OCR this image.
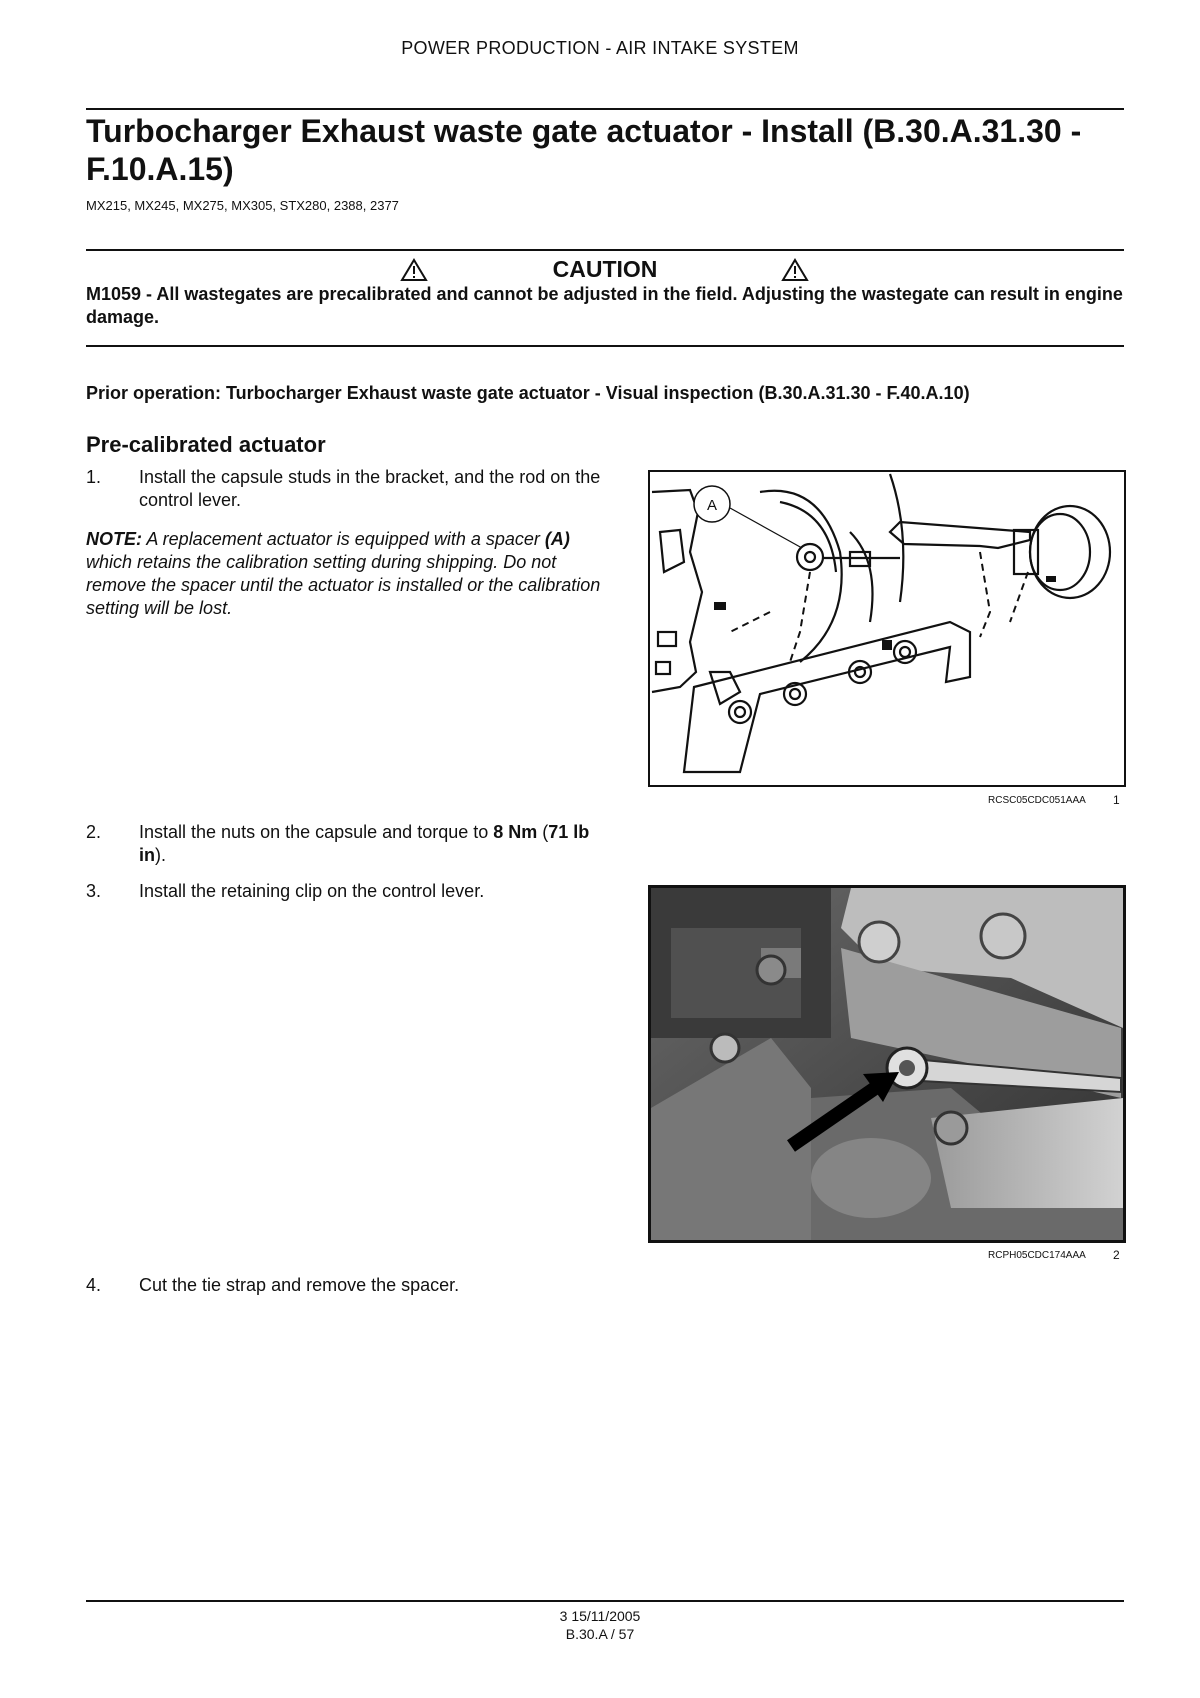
POWER PRODUCTION - AIR INTAKE SYSTEM
Turbocharger Exhaust waste gate actuator - Install (B.30.A.31.30 - F.10.A.15)
MX215, MX245, MX275, MX305, STX280, 2388, 2377
CAUTION
M1059 - All wastegates are precalibrated and cannot be adjusted in the field. Adjusting the wastegate can result in engine damage.
Prior operation: Turbocharger Exhaust waste gate actuator - Visual inspection (B.30.A.31.30 - F.40.A.10)
Pre-calibrated actuator
1. Install the capsule studs in the bracket, and the rod on the control lever.
NOTE: A replacement actuator is equipped with a spacer (A) which retains the calibration setting during shipping. Do not remove the spacer until the actuator is installed or the calibration setting will be lost.
A
RCSC05CDC051AAA 1
2. Install the nuts on the capsule and torque to 8 Nm (71 lb in).
3. Install the retaining clip on the control lever.
RCPH05CDC174AAA 2
4. Cut the tie strap and remove the spacer.
3 15/11/2005
B.30.A / 57
